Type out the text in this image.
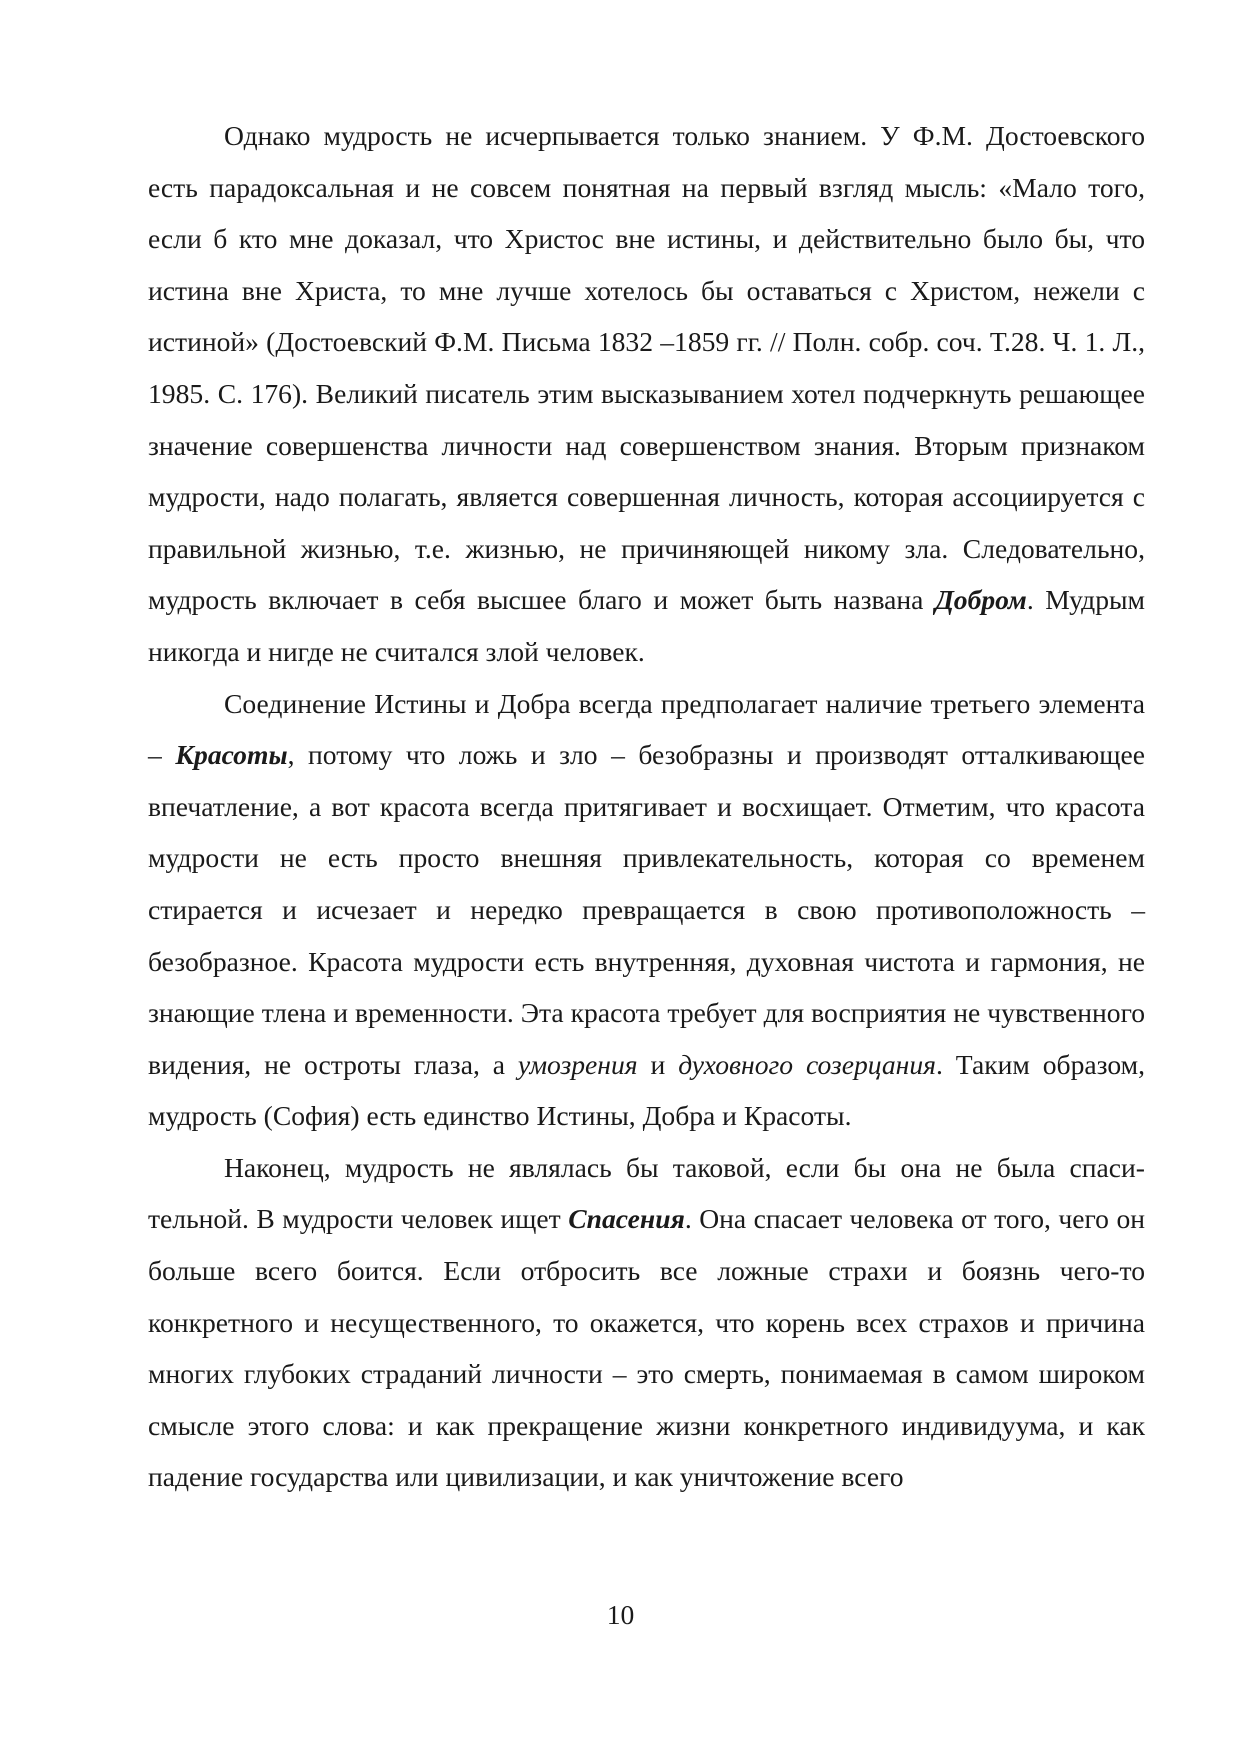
Однако мудрость не исчерпывается только знанием. У Ф.М. Достоевского есть парадоксальная и не совсем понятная на первый взгляд мысль: «Мало того, если б кто мне доказал, что Христос вне истины, и действительно было бы, что истина вне Христа, то мне лучше хотелось бы оставаться с Христом, нежели с истиной» (Достоевский Ф.М. Письма 1832 –1859 гг. // Полн. собр. соч. Т.28. Ч. 1. Л., 1985. С. 176). Великий писатель этим высказыванием хотел подчеркнуть решающее значение совершенства личности над совершенством знания. Вторым признаком мудрости, надо полагать, является совершенная личность, которая ассоциируется с правильной жизнью, т.е. жизнью, не причиняющей никому зла. Следовательно, мудрость включает в себя высшее благо и может быть названа Добром. Мудрым никогда и нигде не считался злой человек.

Соединение Истины и Добра всегда предполагает наличие третьего элемента – Красоты, потому что ложь и зло – безобразны и производят отталкивающее впечатление, а вот красота всегда притягивает и восхищает. Отметим, что красота мудрости не есть просто внешняя привлекательность, которая со временем стирается и исчезает и нередко превращается в свою противоположность – безобразное. Красота мудрости есть внутренняя, духовная чистота и гармония, не знающие тлена и временности. Эта красота требует для восприятия не чувственного видения, не остроты глаза, а умозрения и духовного созерцания. Таким образом, мудрость (София) есть единство Истины, Добра и Красоты.

Наконец, мудрость не являлась бы таковой, если бы она не была спасительной. В мудрости человек ищет Спасения. Она спасает человека от того, чего он больше всего боится. Если отбросить все ложные страхи и боязнь чего-то конкретного и несущественного, то окажется, что корень всех страхов и причина многих глубоких страданий личности – это смерть, понимаемая в самом широком смысле этого слова: и как прекращение жизни конкретного индивидуума, и как падение государства или цивилизации, и как уничтожение всего

10
